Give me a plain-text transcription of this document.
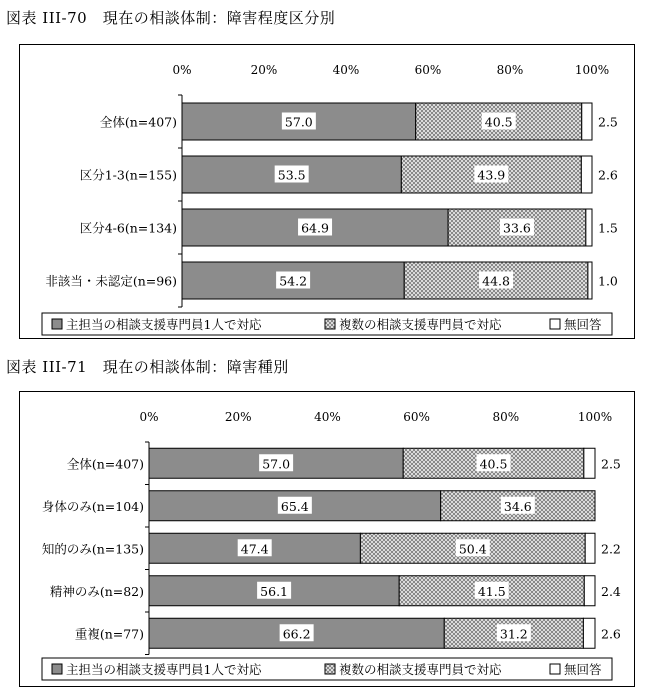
図表 III-70　現在の相談体制：障害程度区分別
0%	20%	40%	60%	80%	100%
全体(n=407)	57.0	40.5	2.5
区分1-3(n=155)	53.5	43.9	2.6
区分4-6(n=134)	64.9	33.6	1.5
非該当・未認定(n=96)	54.2	44.8	1.0
主担当の相談支援専門員1人で対応	複数の相談支援専門員で対応	無回答
図表 III-71　現在の相談体制：障害種別
0%	20%	40%	60%	80%	100%
全体(n=407)	57.0	40.5	2.5
身体のみ(n=104)	65.4	34.6
知的のみ(n=135)	47.4	50.4	2.2
精神のみ(n=82)	56.1	41.5	2.4
重複(n=77)	66.2	31.2	2.6
主担当の相談支援専門員1人で対応	複数の相談支援専門員で対応	無回答
